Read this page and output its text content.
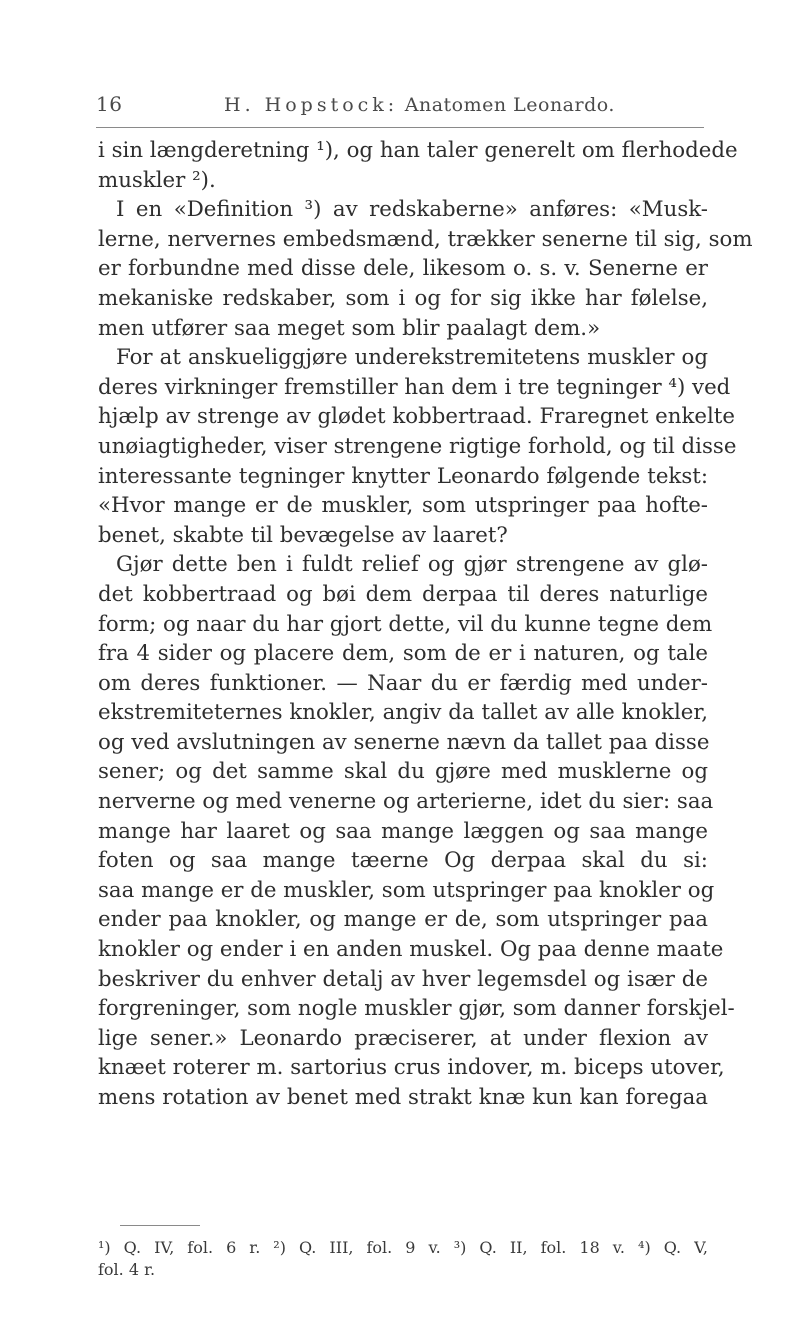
16	H. Hopstock: Anatomen Leonardo.
i sin længderetning ¹), og han taler generelt om flerhodede
muskler ²).
I en «Definition ³) av redskaberne» anføres: «Musk-
lerne, nervernes embedsmænd, trækker senerne til sig, som
er forbundne med disse dele, likesom o. s. v. Senerne er
mekaniske redskaber, som i og for sig ikke har følelse,
men utfører saa meget som blir paalagt dem.»
For at anskueliggjøre underekstremitetens muskler og
deres virkninger fremstiller han dem i tre tegninger ⁴) ved
hjælp av strenge av glødet kobbertraad. Fraregnet enkelte
unøiagtigheder, viser strengene rigtige forhold, og til disse
interessante tegninger knytter Leonardo følgende tekst:
«Hvor mange er de muskler, som utspringer paa hofte-
benet, skabte til bevægelse av laaret?
Gjør dette ben i fuldt relief og gjør strengene av glø-
det kobbertraad og bøi dem derpaa til deres naturlige
form; og naar du har gjort dette, vil du kunne tegne dem
fra 4 sider og placere dem, som de er i naturen, og tale
om deres funktioner. — Naar du er færdig med under-
ekstremiteternes knokler, angiv da tallet av alle knokler,
og ved avslutningen av senerne nævn da tallet paa disse
sener; og det samme skal du gjøre med musklerne og
nerverne og med venerne og arterierne, idet du sier: saa
mange har laaret og saa mange læggen og saa mange
foten og saa mange tæerne Og derpaa skal du si:
saa mange er de muskler, som utspringer paa knokler og
ender paa knokler, og mange er de, som utspringer paa
knokler og ender i en anden muskel. Og paa denne maate
beskriver du enhver detalj av hver legemsdel og især de
forgreninger, som nogle muskler gjør, som danner forskjel-
lige sener.» Leonardo præciserer, at under flexion av
knæet roterer m. sartorius crus indover, m. biceps utover,
mens rotation av benet med strakt knæ kun kan foregaa
¹) Q. IV, fol. 6 r. ²) Q. III, fol. 9 v. ³) Q. II, fol. 18 v. ⁴) Q. V,
fol. 4 r.
